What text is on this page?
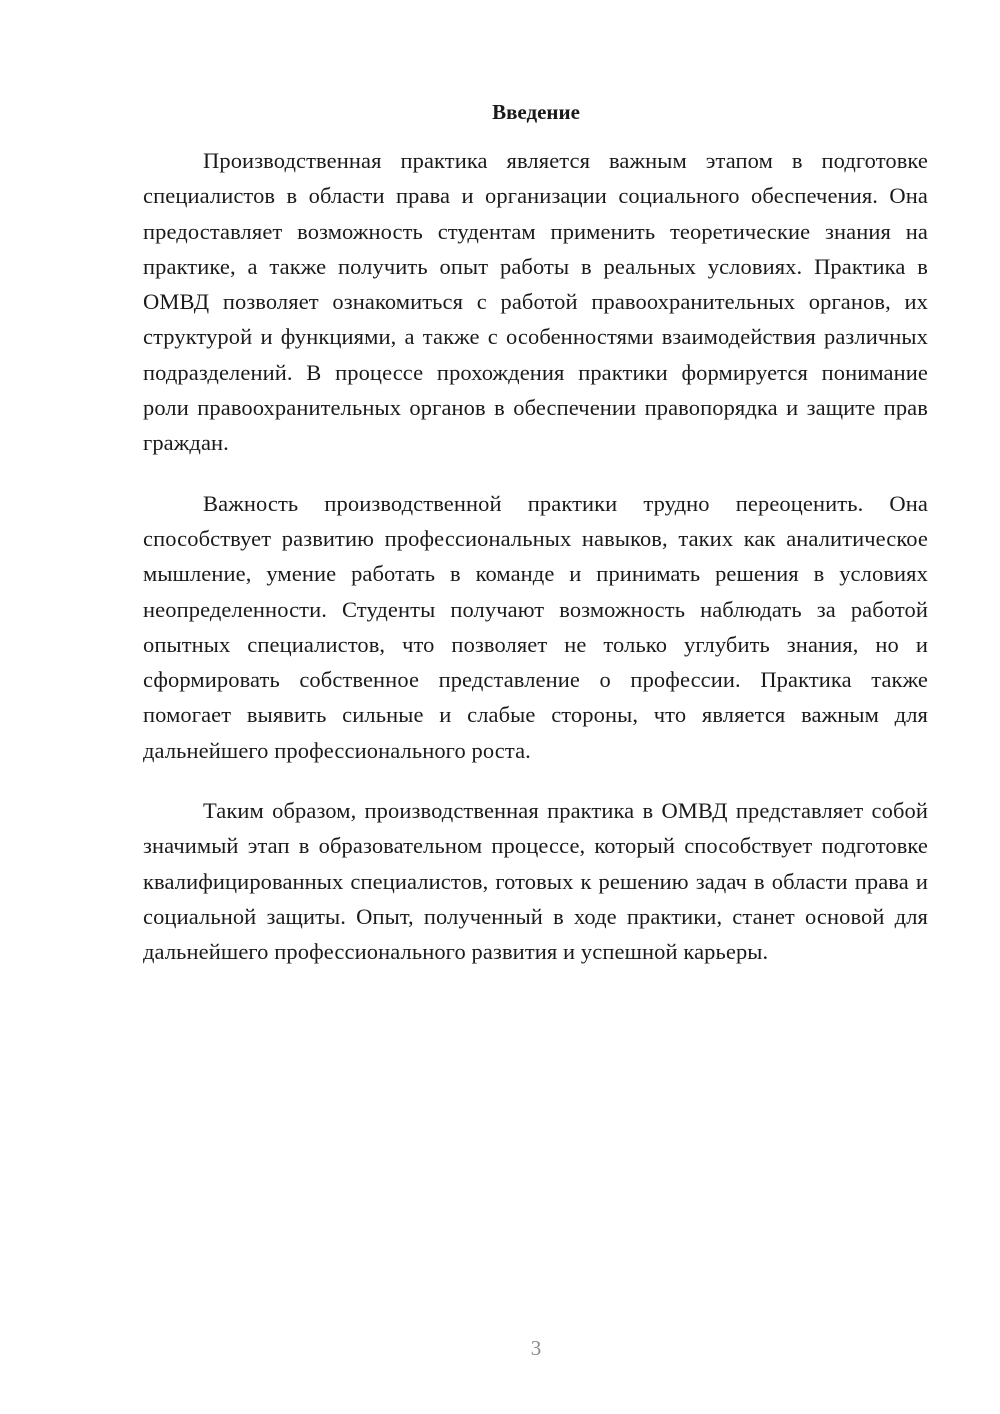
Введение

Производственная практика является важным этапом в подготовке специалистов в области права и организации социального обеспечения. Она предоставляет возможность студентам применить теоретические знания на практике, а также получить опыт работы в реальных условиях. Практика в ОМВД позволяет ознакомиться с работой правоохранительных органов, их структурой и функциями, а также с особенностями взаимодействия различных подразделений. В процессе прохождения практики формируется понимание роли правоохранительных органов в обеспечении правопорядка и защите прав граждан.

Важность производственной практики трудно переоценить. Она способствует развитию профессиональных навыков, таких как аналитическое мышление, умение работать в команде и принимать решения в условиях неопределенности. Студенты получают возможность наблюдать за работой опытных специалистов, что позволяет не только углубить знания, но и сформировать собственное представление о профессии. Практика также помогает выявить сильные и слабые стороны, что является важным для дальнейшего профессионального роста.

Таким образом, производственная практика в ОМВД представляет собой значимый этап в образовательном процессе, который способствует подготовке квалифицированных специалистов, готовых к решению задач в области права и социальной защиты. Опыт, полученный в ходе практики, станет основой для дальнейшего профессионального развития и успешной карьеры.

3
